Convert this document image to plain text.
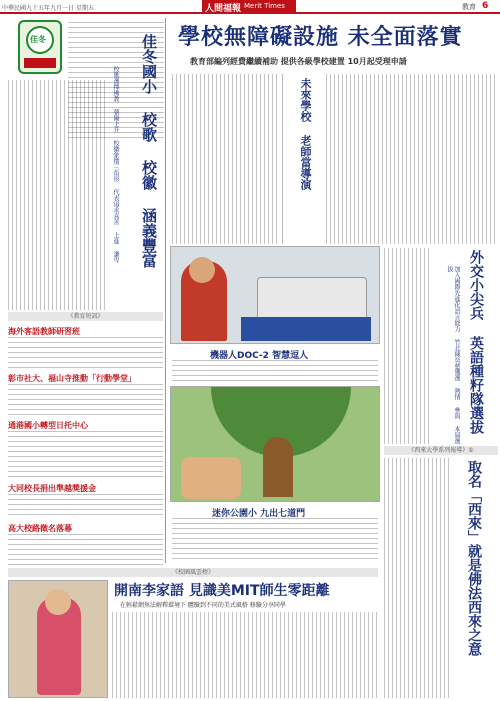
中華民國九十五年九月一日 星期五	人間福報 Merit Times	教育 6
佳冬	佳冬國小 校歌 校徽 涵義豐富
校歌選擇佛教 朝陽上升 校徽象徵三角形 代表追求真善 上進 謙卑
《教育短訊》
海外客語教師研習班
彰市社大、福山寺推動「行動學堂」
通港國小轉型日托中心
大同校長捐出準越獎援金
高大校路徵名落幕
學校無障礙設施 未全面落實
教育部編列經費繼續補助 提供各級學校建置 10月起受理申請
未來學校 老師當導演
機器人DOC-2 智慧逗人
迷你公園小 九出七道門
外交小尖兵 英語種籽隊選拔
加入國際先進化語言能力 竹北陳奕慈獲選 熱情 參與 本屆選拔
《西來大學系列報導》①
取名「西來」就是佛法西來之意
《校園風雲榜》
開南李家語 見識美MIT師生零距離
在輕鬆網無法解釋環境下 體驗到不同的美式風格 修驗分享同學
